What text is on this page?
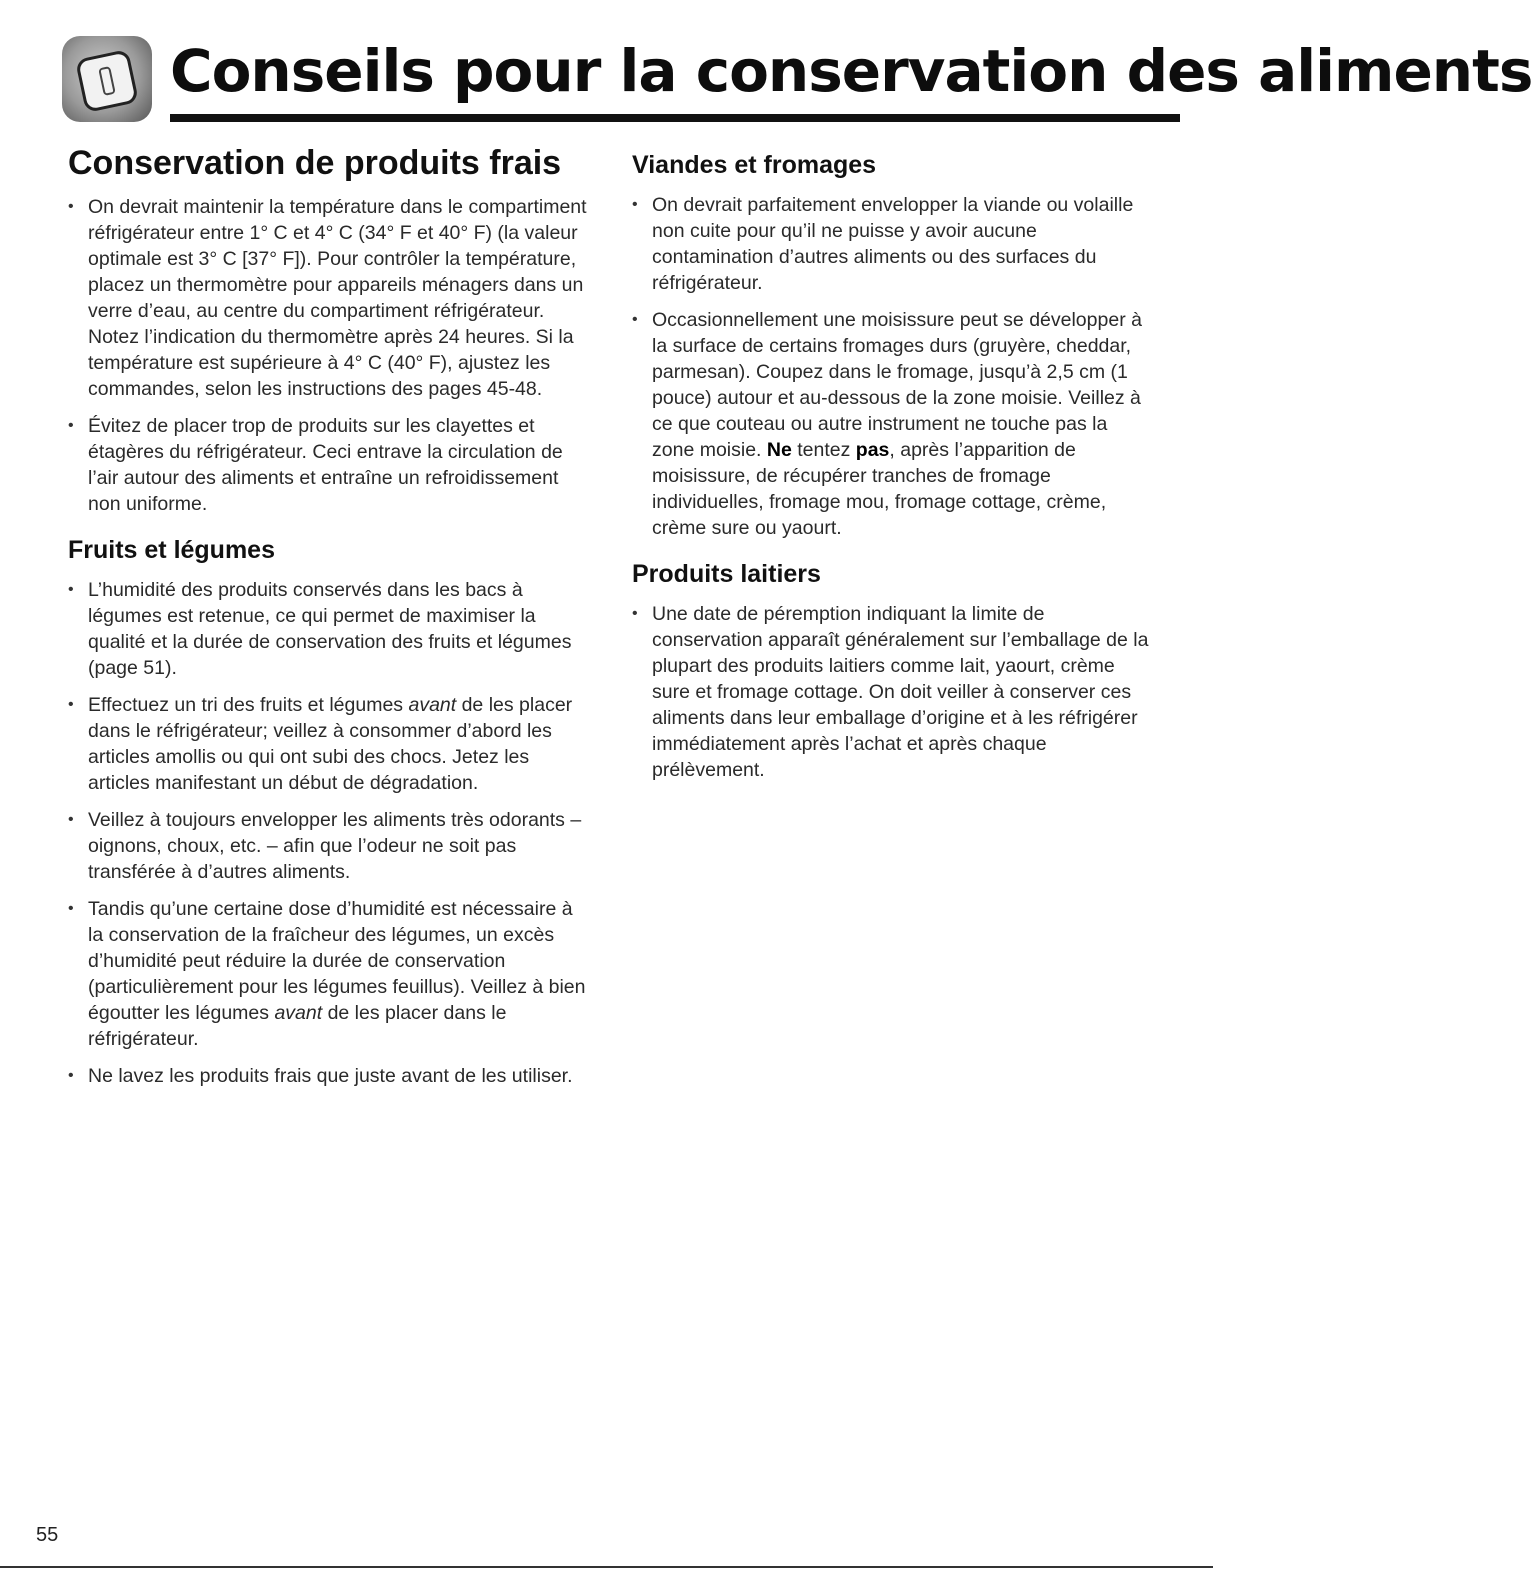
Conseils pour la conservation des aliments
Conservation de produits frais
• On devrait maintenir la température dans le compartiment réfrigérateur entre 1° C et 4° C (34° F et 40° F) (la valeur optimale est 3° C [37° F]). Pour contrôler la température, placez un thermomètre pour appareils ménagers dans un verre d’eau, au centre du compartiment réfrigérateur. Notez l’indication du thermomètre après 24 heures. Si la température est supérieure à 4° C (40° F), ajustez les commandes, selon les instructions des pages 45-48.
• Évitez de placer trop de produits sur les clayettes et étagères du réfrigérateur. Ceci entrave la circulation de l’air autour des aliments et entraîne un refroidissement non uniforme.
Fruits et légumes
• L’humidité des produits conservés dans les bacs à légumes est retenue, ce qui permet de maximiser la qualité et la durée de conservation des fruits et légumes (page 51).
• Effectuez un tri des fruits et légumes avant de les placer dans le réfrigérateur; veillez à consommer d’abord les articles amollis ou qui ont subi des chocs. Jetez les articles manifestant un début de dégradation.
• Veillez à toujours envelopper les aliments très odorants – oignons, choux, etc. – afin que l’odeur ne soit pas transférée à d’autres aliments.
• Tandis qu’une certaine dose d’humidité est nécessaire à la conservation de la fraîcheur des légumes, un excès d’humidité peut réduire la durée de conservation (particulièrement pour les légumes feuillus). Veillez à bien égoutter les légumes avant de les placer dans le réfrigérateur.
• Ne lavez les produits frais que juste avant de les utiliser.
Viandes et fromages
• On devrait parfaitement envelopper la viande ou volaille non cuite pour qu’il ne puisse y avoir aucune contamination d’autres aliments ou des surfaces du réfrigérateur.
• Occasionnellement une moisissure peut se développer à la surface de certains fromages durs (gruyère, cheddar, parmesan). Coupez dans le fromage, jusqu’à 2,5 cm (1 pouce) autour et au-dessous de la zone moisie. Veillez à ce que couteau ou autre instrument ne touche pas la zone moisie. Ne tentez pas, après l’apparition de moisissure, de récupérer tranches de fromage individuelles, fromage mou, fromage cottage, crème, crème sure ou yaourt.
Produits laitiers
• Une date de péremption indiquant la limite de conservation apparaît généralement sur l’emballage de la plupart des produits laitiers comme lait, yaourt, crème sure et fromage cottage. On doit veiller à conserver ces aliments dans leur emballage d’origine et à les réfrigérer immédiatement après l’achat et après chaque prélèvement.
55
